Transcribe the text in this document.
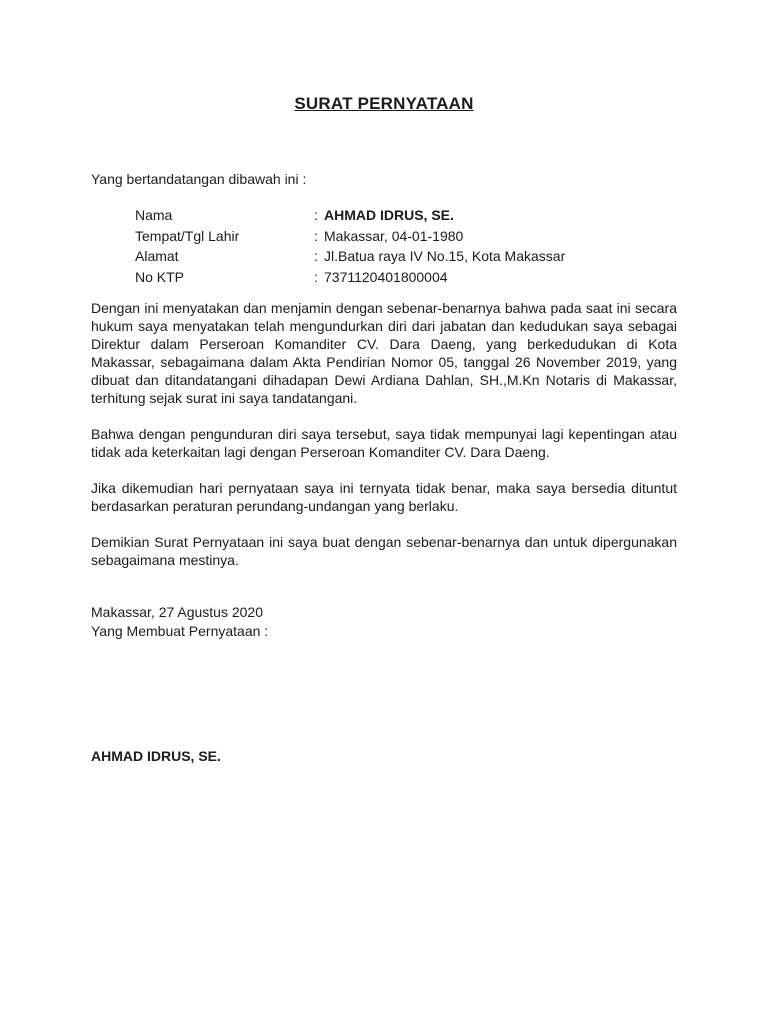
SURAT PERNYATAAN
Yang bertandatangan dibawah ini :
Nama	: AHMAD IDRUS, SE.
Tempat/Tgl Lahir	: Makassar, 04-01-1980
Alamat	: Jl.Batua raya IV No.15, Kota Makassar
No KTP	: 7371120401800004
Dengan ini menyatakan dan menjamin dengan sebenar-benarnya bahwa pada saat ini secara hukum saya menyatakan telah mengundurkan diri dari jabatan dan kedudukan saya sebagai Direktur dalam Perseroan Komanditer CV. Dara Daeng, yang berkedudukan di Kota Makassar, sebagaimana dalam Akta Pendirian Nomor 05, tanggal 26 November 2019, yang dibuat dan ditandatangani dihadapan Dewi Ardiana Dahlan, SH.,M.Kn Notaris di Makassar, terhitung sejak surat ini saya tandatangani.
Bahwa dengan pengunduran diri saya tersebut, saya tidak mempunyai lagi kepentingan atau tidak ada keterkaitan lagi dengan Perseroan Komanditer CV. Dara Daeng.
Jika dikemudian hari pernyataan saya ini ternyata tidak benar, maka saya bersedia dituntut berdasarkan peraturan perundang-undangan yang berlaku.
Demikian Surat Pernyataan ini saya buat dengan sebenar-benarnya dan untuk dipergunakan sebagaimana mestinya.
Makassar, 27 Agustus 2020
Yang Membuat Pernyataan :
AHMAD IDRUS, SE.
